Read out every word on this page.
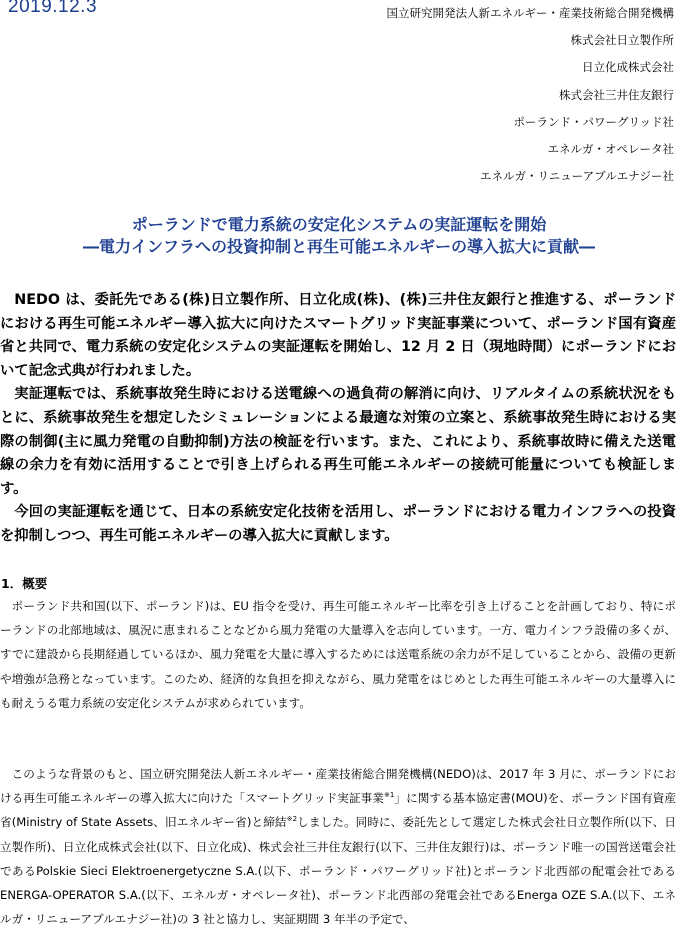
2019.12.3	国立研究開発法人新エネルギー・産業技術総合開発機構
株式会社日立製作所
日立化成株式会社
株式会社三井住友銀行
ポーランド・パワーグリッド社
エネルガ・オペレータ社
エネルガ・リニューアブルエナジー社
ポーランドで電力系統の安定化システムの実証運転を開始
―電力インフラへの投資抑制と再生可能エネルギーの導入拡大に貢献―

NEDO は、委託先である(株)日立製作所、日立化成(株)、(株)三井住友銀行と推進する、ポーランドにおける再生可能エネルギー導入拡大に向けたスマートグリッド実証事業について、ポーランド国有資産省と共同で、電力系統の安定化システムの実証運転を開始し、12 月 2 日（現地時間）にポーランドにおいて記念式典が行われました。

実証運転では、系統事故発生時における送電線への過負荷の解消に向け、リアルタイムの系統状況をもとに、系統事故発生を想定したシミュレーションによる最適な対策の立案と、系統事故発生時における実際の制御(主に風力発電の自動抑制)方法の検証を行います。また、これにより、系統事故時に備えた送電線の余力を有効に活用することで引き上げられる再生可能エネルギーの接続可能量についても検証します。

今回の実証運転を通じて、日本の系統安定化技術を活用し、ポーランドにおける電力インフラへの投資を抑制しつつ、再生可能エネルギーの導入拡大に貢献します。

1．概要

ポーランド共和国(以下、ポーランド)は、EU 指令を受け、再生可能エネルギー比率を引き上げることを計画しており、特にポーランドの北部地域は、風況に恵まれることなどから風力発電の大量導入を志向しています。一方、電力インフラ設備の多くが、すでに建設から長期経過しているほか、風力発電を大量に導入するためには送電系統の余力が不足していることから、設備の更新や増強が急務となっています。このため、経済的な負担を抑えながら、風力発電をはじめとした再生可能エネルギーの大量導入にも耐えうる電力系統の安定化システムが求められています。

このような背景のもと、国立研究開発法人新エネルギー・産業技術総合開発機構(NEDO)は、2017 年 3 月に、ポーランドにおける再生可能エネルギーの導入拡大に向けた「スマートグリッド実証事業$^{※1}$」に関する基本協定書(MOU)を、ポーランド国有資産省(Ministry of State Assets、旧エネルギー省)と締結$^{※2}$しました。同時に、委託先として選定した株式会社日立製作所(以下、日立製作所)、日立化成株式会社(以下、日立化成)、株式会社三井住友銀行(以下、三井住友銀行)は、ポーランド唯一の国営送電会社であるPolskie Sieci Elektroenergetyczne S.A.(以下、ポーランド・パワーグリッド社)とポーランド北西部の配電会社である ENERGA-OPERATOR S.A.(以下、エネルガ・オペレータ社)、ポーランド北西部の発電会社であるEnerga OZE S.A.(以下、エネルガ・リニューアブルエナジー社)の 3 社と協力し、実証期間 3 年半の予定で、
